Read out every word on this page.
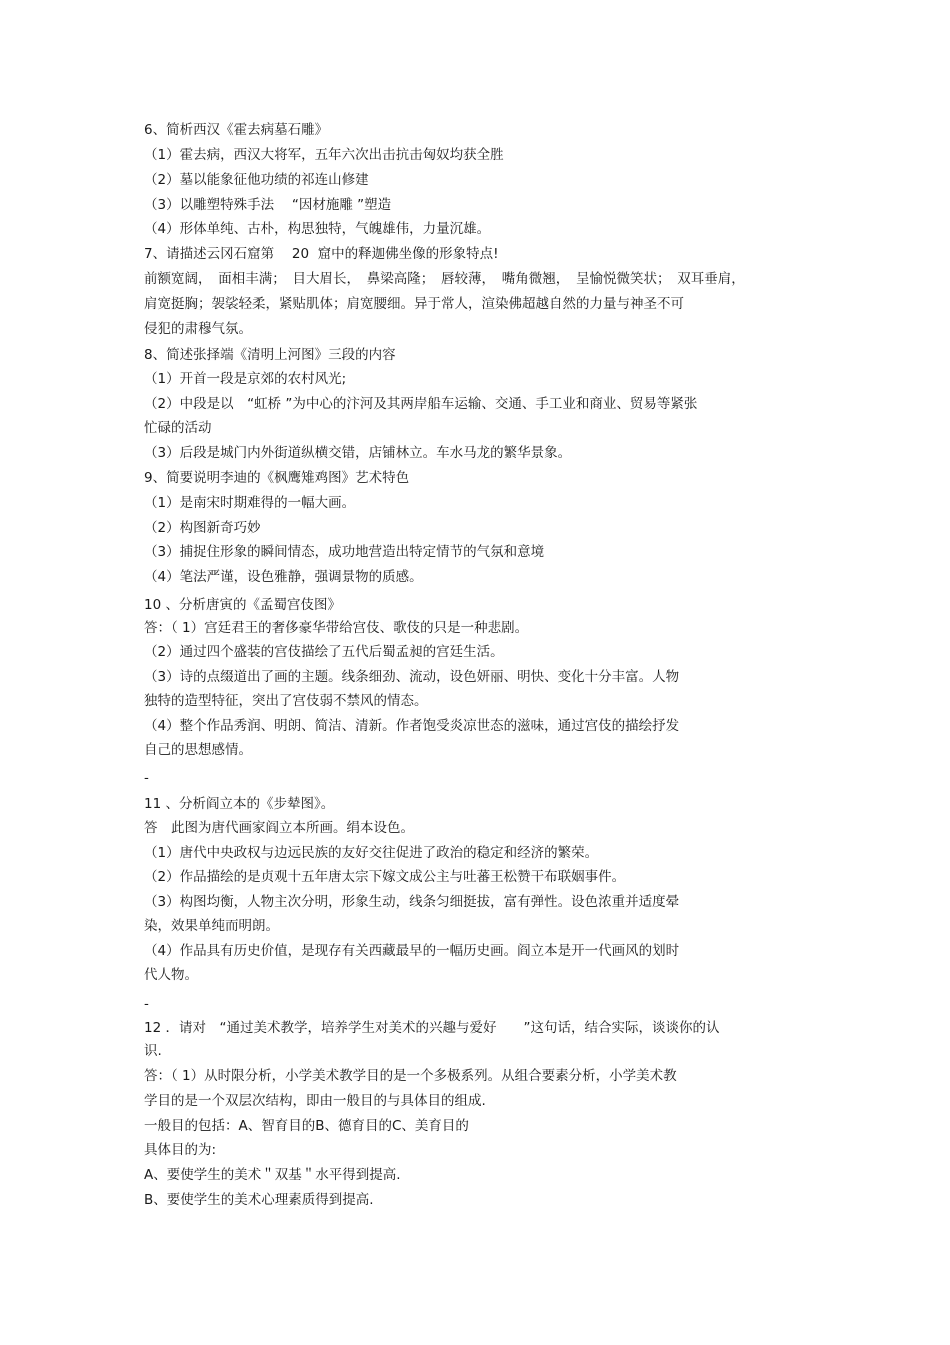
6、简析西汉《霍去病墓石雕》
（1）霍去病，西汉大将军，五年六次出击抗击匈奴均获全胜
（2）墓以能象征他功绩的祁连山修建
（3）以雕塑特殊手法　 “因材施雕 ”塑造
（4）形体单纯、古朴，构思独特，气魄雄伟，力量沉雄。
7、请描述云冈石窟第　 20  窟中的释迦佛坐像的形象特点!
前额宽阔，　面相丰满；　目大眉长，　鼻梁高隆；　唇较薄，　嘴角微翘，　呈愉悦微笑状；　双耳垂肩，
肩宽挺胸；袈裟轻柔，紧贴肌体；肩宽腰细。异于常人，渲染佛超越自然的力量与神圣不可
侵犯的肃穆气氛。
8、简述张择端《清明上河图》三段的内容
（1）开首一段是京郊的农村风光;
（2）中段是以　“虹桥 ”为中心的汴河及其两岸船车运输、交通、手工业和商业、贸易等紧张
忙碌的活动
（3）后段是城门内外街道纵横交错，店铺林立。车水马龙的繁华景象。
9、简要说明李迪的《枫鹰雉鸡图》艺术特色
（1）是南宋时期难得的一幅大画。
（2）构图新奇巧妙
（3）捕捉住形象的瞬间情态，成功地营造出特定情节的气氛和意境
（4）笔法严谨，设色雅静，强调景物的质感。
10 、分析唐寅的《孟蜀宫伎图》
答：（ 1）宫廷君王的奢侈豪华带给宫伎、歌伎的只是一种悲剧。
（2）通过四个盛装的宫伎描绘了五代后蜀孟昶的宫廷生活。
（3）诗的点缀道出了画的主题。线条细劲、流动，设色妍丽、明快、变化十分丰富。人物
独特的造型特征，突出了宫伎弱不禁风的情态。
（4）整个作品秀润、明朗、简洁、清新。作者饱受炎凉世态的滋味，通过宫伎的描绘抒发
自己的思想感情。
-
11 、分析阎立本的《步辇图》。
答　此图为唐代画家阎立本所画。绢本设色。
（1）唐代中央政权与边远民族的友好交往促进了政治的稳定和经济的繁荣。
（2）作品描绘的是贞观十五年唐太宗下嫁文成公主与吐蕃王松赞干布联姻事件。
（3）构图均衡，人物主次分明，形象生动，线条匀细挺拔，富有弹性。设色浓重并适度晕
染，效果单纯而明朗。
（4）作品具有历史价值，是现存有关西藏最早的一幅历史画。阎立本是开一代画风的划时
代人物。
-
12 ．请对　“通过美术教学，培养学生对美术的兴趣与爱好　　”这句话，结合实际，谈谈你的认
识.
答：（ 1）从时限分析，小学美术教学目的是一个多极系列。从组合要素分析，小学美术教
学目的是一个双层次结构，即由一般目的与具体目的组成.
一般目的包括：A、智育目的B、德育目的C、美育目的
具体目的为:
A、要使学生的美术＂双基＂水平得到提高.
B、要使学生的美术心理素质得到提高.
